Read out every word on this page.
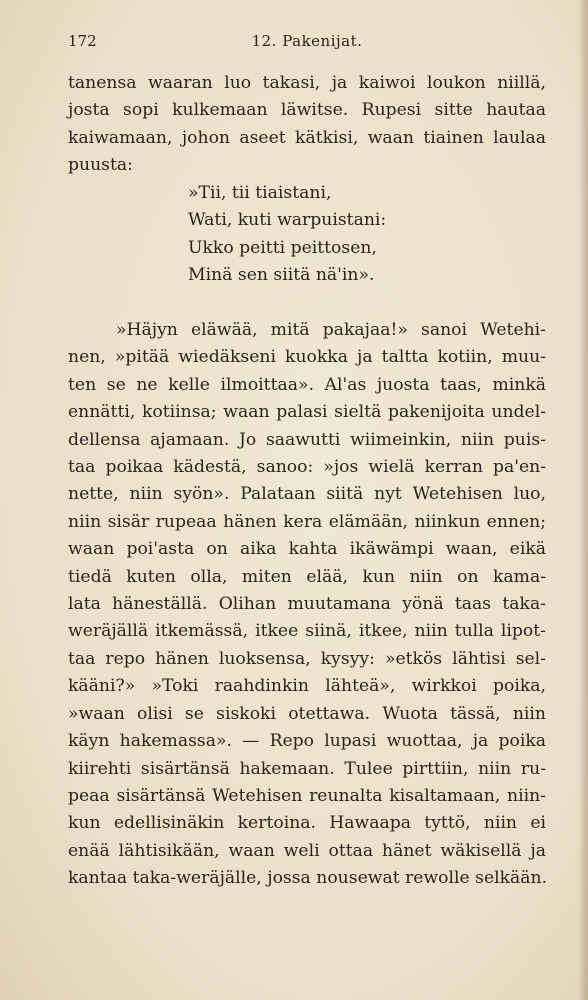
172	12. Pakenijat.
tanensa waaran luo takasi, ja kaiwoi loukon niillä,
josta sopi kulkemaan läwitse. Rupesi sitte hautaa
kaiwamaan, johon aseet kätkisi, waan tiainen laulaa
puusta:
»Tii, tii tiaistani,
Wati, kuti warpuistani:
Ukko peitti peittosen,
Minä sen siitä nä'in».
»Häjyn eläwää, mitä pakajaa!» sanoi Wetehi-
nen, »pitää wiedäkseni kuokka ja taltta kotiin, muu-
ten se ne kelle ilmoittaa». Al'as juosta taas, minkä
ennätti, kotiinsa; waan palasi sieltä pakenijoita undel-
dellensa ajamaan. Jo saawutti wiimeinkin, niin puis-
taa poikaa kädestä, sanoo: »jos wielä kerran pa'en-
nette, niin syön». Palataan siitä nyt Wetehisen luo,
niin sisär rupeaa hänen kera elämään, niinkun ennen;
waan poi'asta on aika kahta ikäwämpi waan, eikä
tiedä kuten olla, miten elää, kun niin on kama-
lata häneställä. Olihan muutamana yönä taas taka-
weräjällä itkemässä, itkee siinä, itkee, niin tulla lipot-
taa repo hänen luoksensa, kysyy: »etkös lähtisi sel-
kääni?» »Toki raahdinkin lähteä», wirkkoi poika,
»waan olisi se siskoki otettawa. Wuota tässä, niin
käyn hakemassa». — Repo lupasi wuottaa, ja poika
kiirehti sisärtänsä hakemaan. Tulee pirttiin, niin ru-
peaa sisärtänsä Wetehisen reunalta kisaltamaan, niin-
kun edellisinäkin kertoina. Hawaapa tyttö, niin ei
enää lähtisikään, waan weli ottaa hänet wäkisellä ja
kantaa taka-weräjälle, jossa nousewat rewolle selkään.
